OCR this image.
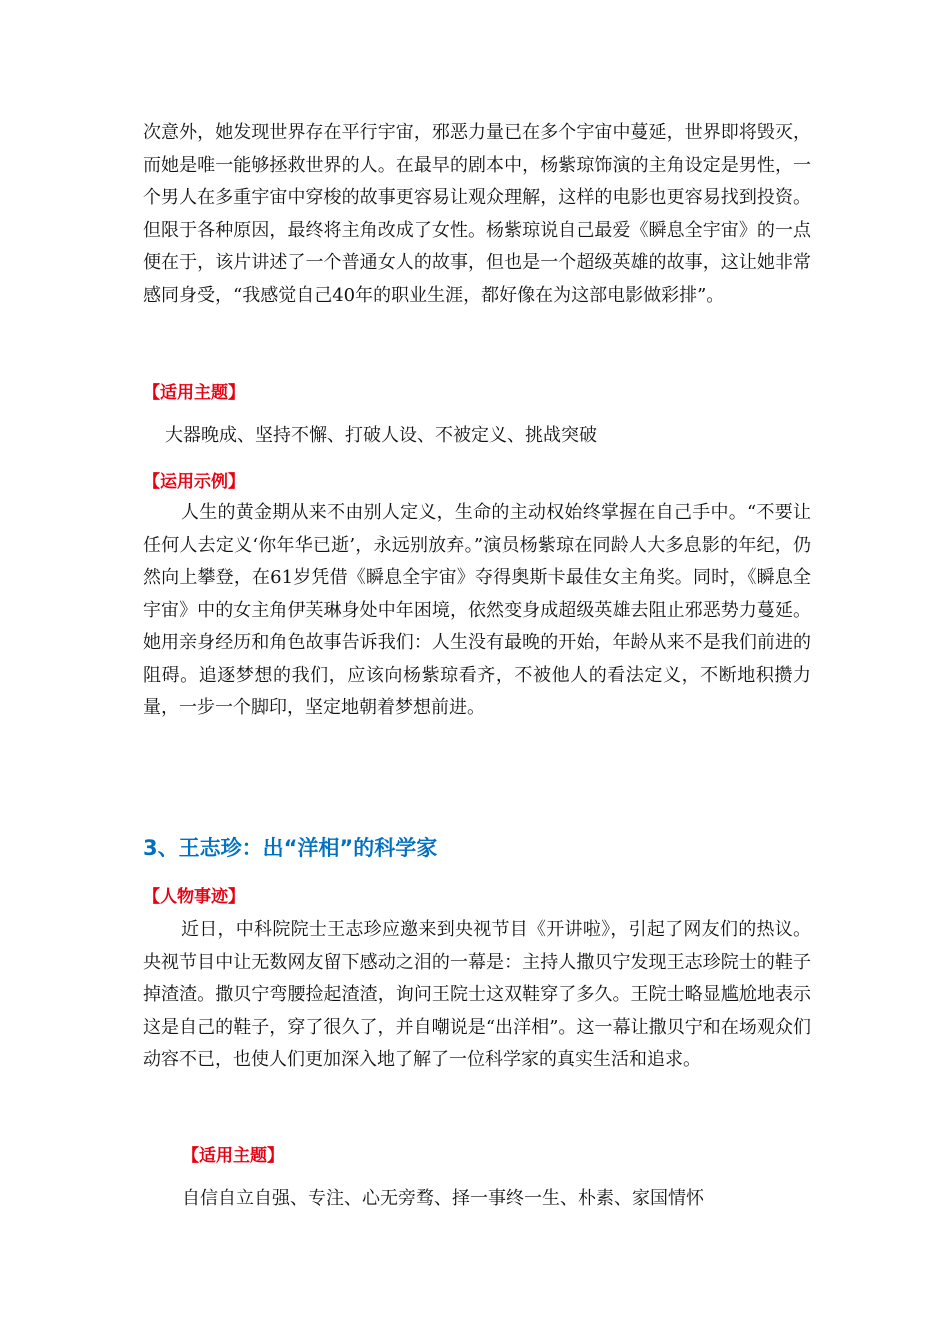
次意外，她发现世界存在平行宇宙，邪恶力量已在多个宇宙中蔓延，世界即将毁灭，而她是唯一能够拯救世界的人。在最早的剧本中，杨紫琼饰演的主角设定是男性，一个男人在多重宇宙中穿梭的故事更容易让观众理解，这样的电影也更容易找到投资。但限于各种原因，最终将主角改成了女性。杨紫琼说自己最爱《瞬息全宇宙》的一点便在于，该片讲述了一个普通女人的故事，但也是一个超级英雄的故事，这让她非常感同身受，“我感觉自己40年的职业生涯，都好像在为这部电影做彩排”。

【适用主题】

大器晚成、坚持不懈、打破人设、不被定义、挑战突破

【运用示例】

人生的黄金期从来不由别人定义，生命的主动权始终掌握在自己手中。“不要让任何人去定义‘你年华已逝’，永远别放弃。”演员杨紫琼在同龄人大多息影的年纪，仍然向上攀登，在61岁凭借《瞬息全宇宙》夺得奥斯卡最佳女主角奖。同时，《瞬息全宇宙》中的女主角伊芙琳身处中年困境，依然变身成超级英雄去阻止邪恶势力蔓延。她用亲身经历和角色故事告诉我们：人生没有最晚的开始，年龄从来不是我们前进的阻碍。追逐梦想的我们，应该向杨紫琼看齐，不被他人的看法定义，不断地积攒力量，一步一个脚印，坚定地朝着梦想前进。

3、王志珍：出“洋相”的科学家

【人物事迹】

近日，中科院院士王志珍应邀来到央视节目《开讲啦》，引起了网友们的热议。央视节目中让无数网友留下感动之泪的一幕是：主持人撒贝宁发现王志珍院士的鞋子掉渣渣。撒贝宁弯腰捡起渣渣，询问王院士这双鞋穿了多久。王院士略显尴尬地表示这是自己的鞋子，穿了很久了，并自嘲说是“出洋相”。这一幕让撒贝宁和在场观众们动容不已，也使人们更加深入地了解了一位科学家的真实生活和追求。

【适用主题】

自信自立自强、专注、心无旁骛、择一事终一生、朴素、家国情怀
